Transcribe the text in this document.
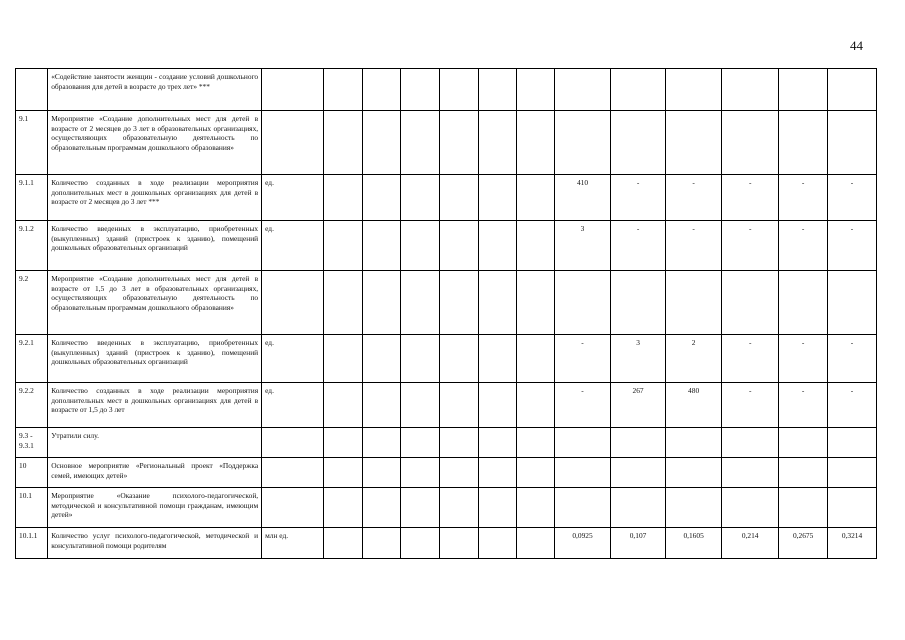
44
	«Содействие занятости женщин - создание условий дошкольного образования для детей в возрасте до трех лет» ***													
9.1	Мероприятие «Создание дополнительных мест для детей в возрасте от 2 месяцев до 3 лет в образовательных организациях, осуществляющих образовательную деятельность по образовательным программам дошкольного образования»													
9.1.1	Количество созданных в ходе реализации мероприятия дополнительных мест в дошкольных организациях для детей в возрасте от 2 месяцев до 3 лет ***	ед.							410	-	-	-	-	-
9.1.2	Количество введенных в эксплуатацию, приобретенных (выкупленных) зданий (пристроек к зданию), помещений дошкольных образовательных организаций	ед.							3	-	-	-	-	-
9.2	Мероприятие «Создание дополнительных мест для детей в возрасте от 1,5 до 3 лет в образовательных организациях, осуществляющих образовательную деятельность по образовательным программам дошкольного образования»													
9.2.1	Количество введенных в эксплуатацию, приобретенных (выкупленных) зданий (пристроек к зданию), помещений дошкольных образовательных организаций	ед.							-	3	2	-	-	-
9.2.2	Количество созданных в ходе реализации мероприятия дополнительных мест в дошкольных организациях для детей в возрасте от 1,5 до 3 лет	ед.							-	267	480	-	-	-
9.3 - 9.3.1	Утратили силу.													
10	Основное мероприятие «Региональный проект «Поддержка семей, имеющих детей»													
10.1	Мероприятие «Оказание психолого-педагогической, методической и консультативной помощи гражданам, имеющим детей»													
10.1.1	Количество услуг психолого-педагогической, методической и консультативной помощи родителям	млн ед.							0,0925	0,107	0,1605	0,214	0,2675	0,3214
